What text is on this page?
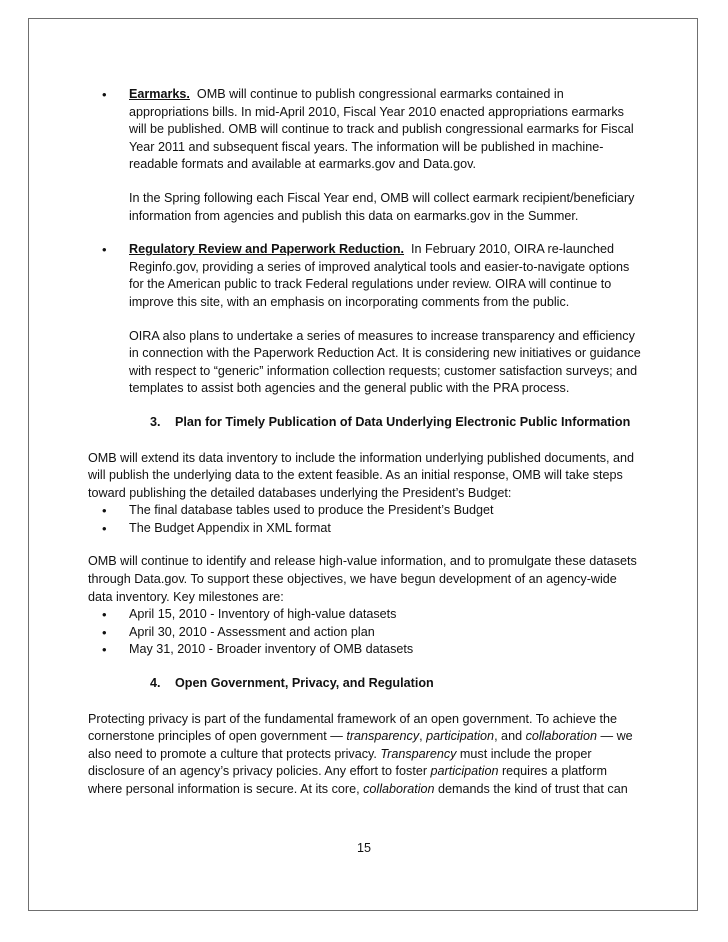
• Earmarks. OMB will continue to publish congressional earmarks contained in appropriations bills. In mid-April 2010, Fiscal Year 2010 enacted appropriations earmarks will be published. OMB will continue to track and publish congressional earmarks for Fiscal Year 2011 and subsequent fiscal years. The information will be published in machine-readable formats and available at earmarks.gov and Data.gov.

In the Spring following each Fiscal Year end, OMB will collect earmark recipient/beneficiary information from agencies and publish this data on earmarks.gov in the Summer.

• Regulatory Review and Paperwork Reduction. In February 2010, OIRA re-launched Reginfo.gov, providing a series of improved analytical tools and easier-to-navigate options for the American public to track Federal regulations under review. OIRA will continue to improve this site, with an emphasis on incorporating comments from the public.

OIRA also plans to undertake a series of measures to increase transparency and efficiency in connection with the Paperwork Reduction Act. It is considering new initiatives or guidance with respect to “generic” information collection requests; customer satisfaction surveys; and templates to assist both agencies and the general public with the PRA process.

3. Plan for Timely Publication of Data Underlying Electronic Public Information

OMB will extend its data inventory to include the information underlying published documents, and will publish the underlying data to the extent feasible. As an initial response, OMB will take steps toward publishing the detailed databases underlying the President’s Budget:

• The final database tables used to produce the President’s Budget
• The Budget Appendix in XML format

OMB will continue to identify and release high-value information, and to promulgate these datasets through Data.gov. To support these objectives, we have begun development of an agency-wide data inventory. Key milestones are:

• April 15, 2010 - Inventory of high-value datasets
• April 30, 2010 - Assessment and action plan
• May 31, 2010 - Broader inventory of OMB datasets

4. Open Government, Privacy, and Regulation

Protecting privacy is part of the fundamental framework of an open government. To achieve the cornerstone principles of open government — transparency, participation, and collaboration — we also need to promote a culture that protects privacy. Transparency must include the proper disclosure of an agency’s privacy policies. Any effort to foster participation requires a platform where personal information is secure. At its core, collaboration demands the kind of trust that can

15
